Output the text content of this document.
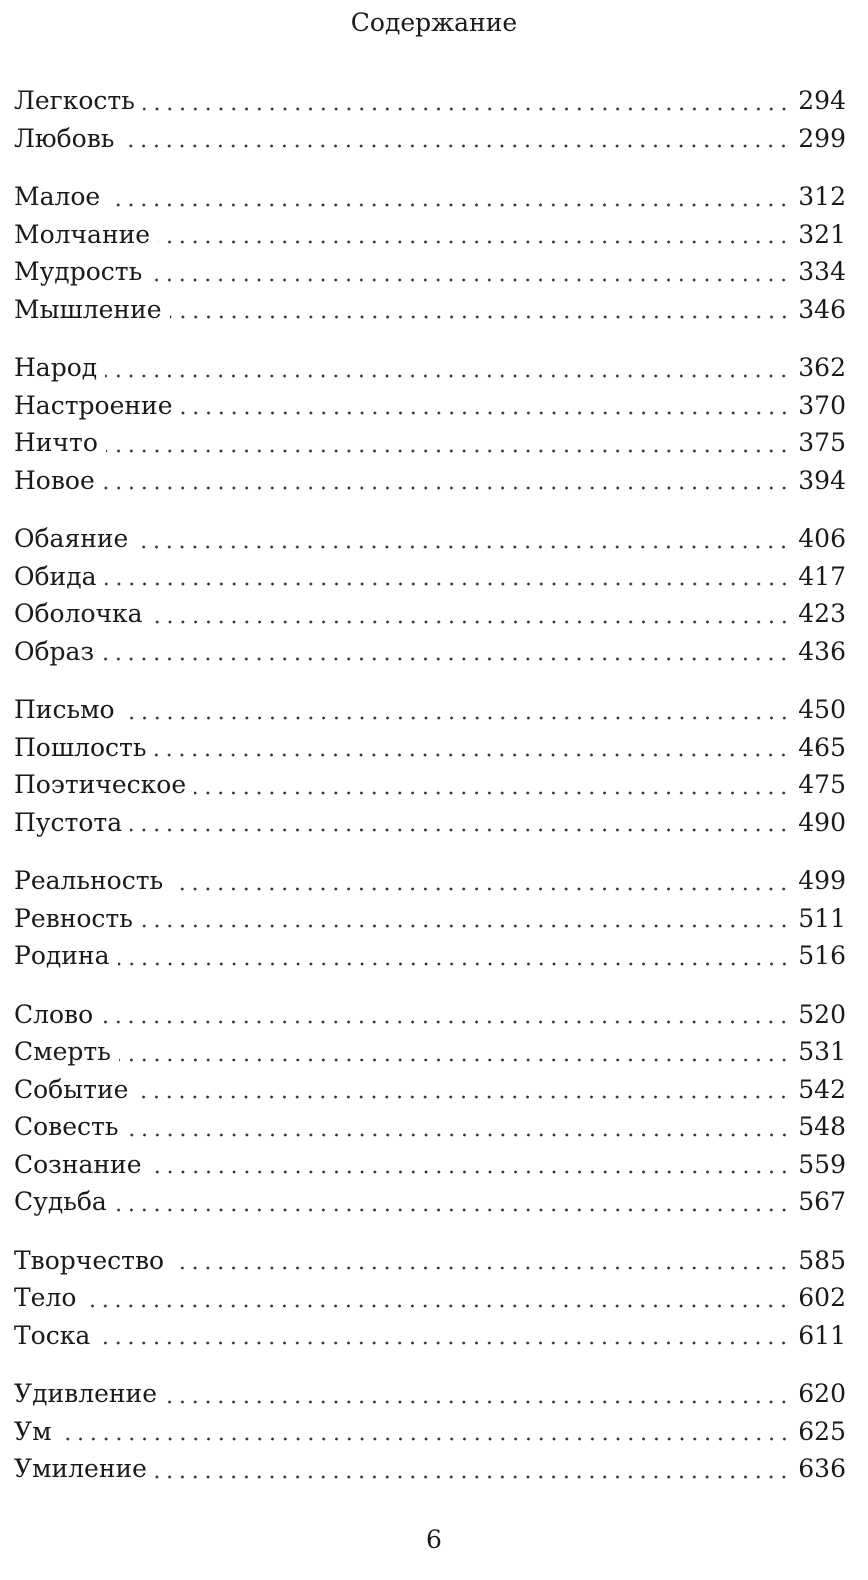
Содержание
Легкость	294
Любовь	299
Малое	312
Молчание	321
Мудрость	334
Мышление	346
Народ	362
Настроение	370
Ничто	375
Новое	394
Обаяние	406
Обида	417
Оболочка	423
Образ	436
Письмо	450
Пошлость	465
Поэтическое	475
Пустота	490
Реальность	499
Ревность	511
Родина	516
Слово	520
Смерть	531
Событие	542
Совесть	548
Сознание	559
Судьба	567
Творчество	585
Тело	602
Тоска	611
Удивление	620
Ум	625
Умиление	636
6
